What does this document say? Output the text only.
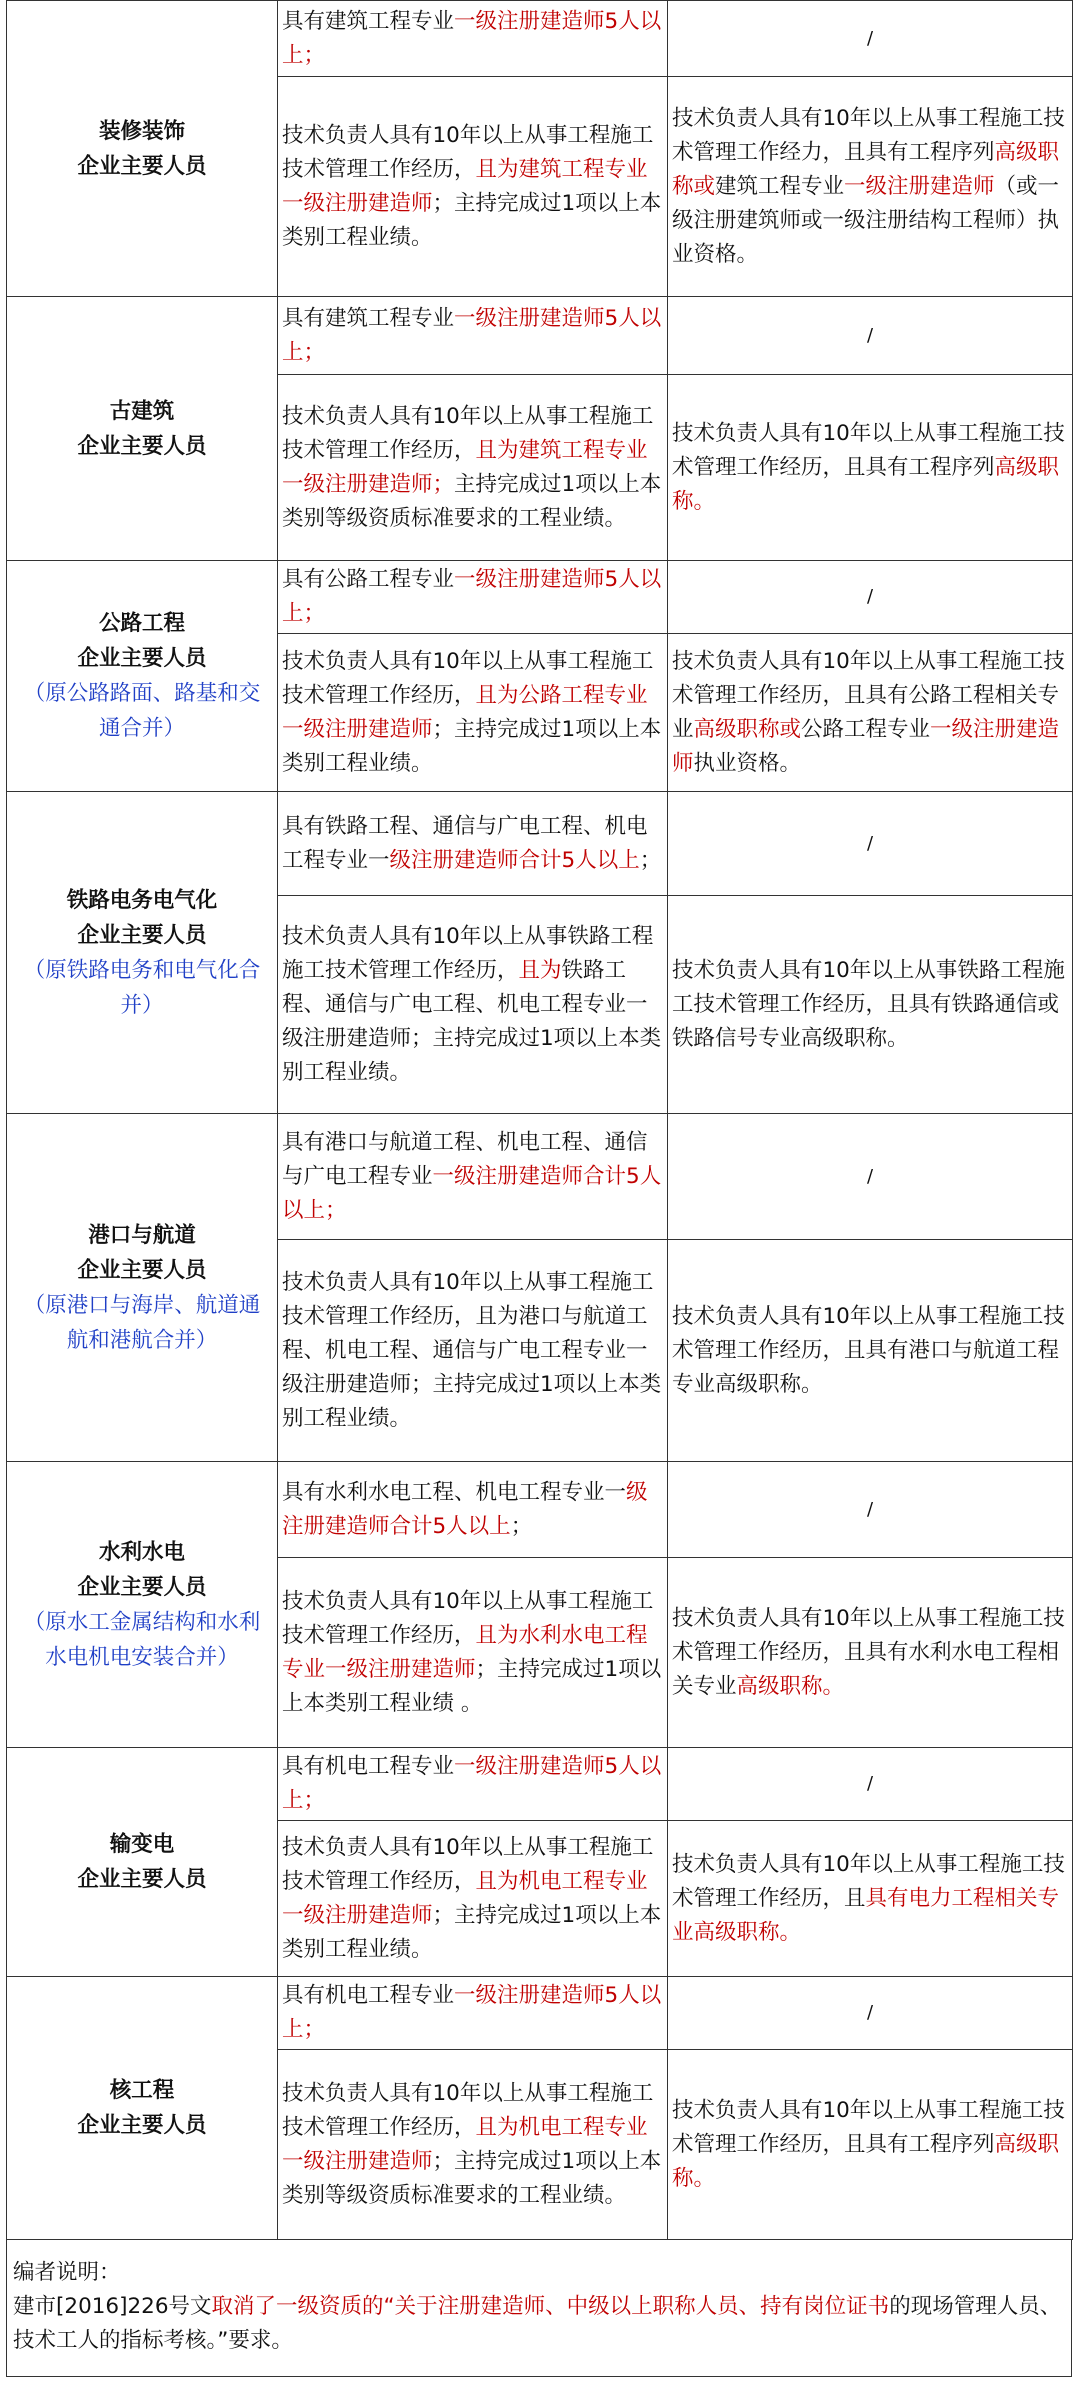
装修装饰
企业主要人员	具有建筑工程专业一级注册建造师5人以上；	/
	技术负责人具有10年以上从事工程施工技术管理工作经历，且为建筑工程专业一级注册建造师；主持完成过1项以上本类别工程业绩。	技术负责人具有10年以上从事工程施工技术管理工作经力，且具有工程序列高级职称或建筑工程专业一级注册建造师（或一级注册建筑师或一级注册结构工程师）执业资格。

古建筑
企业主要人员	具有建筑工程专业一级注册建造师5人以上；	/
	技术负责人具有10年以上从事工程施工技术管理工作经历，且为建筑工程专业一级注册建造师；主持完成过1项以上本类别等级资质标准要求的工程业绩。	技术负责人具有10年以上从事工程施工技术管理工作经历，且具有工程序列高级职称。

公路工程
企业主要人员
（原公路路面、路基和交通合并）	具有公路工程专业一级注册建造师5人以上；	/
	技术负责人具有10年以上从事工程施工技术管理工作经历，且为公路工程专业一级注册建造师；主持完成过1项以上本类别工程业绩。	技术负责人具有10年以上从事工程施工技术管理工作经历，且具有公路工程相关专业高级职称或公路工程专业一级注册建造师执业资格。

铁路电务电气化
企业主要人员
（原铁路电务和电气化合并）	具有铁路工程、通信与广电工程、机电工程专业一级注册建造师合计5人以上；	/
	技术负责人具有10年以上从事铁路工程施工技术管理工作经历，且为铁路工程、通信与广电工程、机电工程专业一级注册建造师；主持完成过1项以上本类别工程业绩。	技术负责人具有10年以上从事铁路工程施工技术管理工作经历，且具有铁路通信或铁路信号专业高级职称。

港口与航道
企业主要人员
（原港口与海岸、航道通航和港航合并）	具有港口与航道工程、机电工程、通信与广电工程专业一级注册建造师合计5人以上；	/
	技术负责人具有10年以上从事工程施工技术管理工作经历，且为港口与航道工程、机电工程、通信与广电工程专业一级注册建造师；主持完成过1项以上本类别工程业绩。	技术负责人具有10年以上从事工程施工技术管理工作经历，且具有港口与航道工程专业高级职称。

水利水电
企业主要人员
（原水工金属结构和水利水电机电安装合并）	具有水利水电工程、机电工程专业一级注册建造师合计5人以上；	/
	技术负责人具有10年以上从事工程施工技术管理工作经历，且为水利水电工程专业一级注册建造师；主持完成过1项以上本类别工程业绩 。	技术负责人具有10年以上从事工程施工技术管理工作经历，且具有水利水电工程相关专业高级职称。

输变电
企业主要人员	具有机电工程专业一级注册建造师5人以上；	/
	技术负责人具有10年以上从事工程施工技术管理工作经历，且为机电工程专业一级注册建造师；主持完成过1项以上本类别工程业绩。	技术负责人具有10年以上从事工程施工技术管理工作经历，且具有电力工程相关专业高级职称。

核工程
企业主要人员	具有机电工程专业一级注册建造师5人以上；	/
	技术负责人具有10年以上从事工程施工技术管理工作经历，且为机电工程专业一级注册建造师；主持完成过1项以上本类别等级资质标准要求的工程业绩。	技术负责人具有10年以上从事工程施工技术管理工作经历，且具有工程序列高级职称。
编者说明：
建市[2016]226号文取消了一级资质的“关于注册建造师、中级以上职称人员、持有岗位证书的现场管理人员、技术工人的指标考核。”要求。
